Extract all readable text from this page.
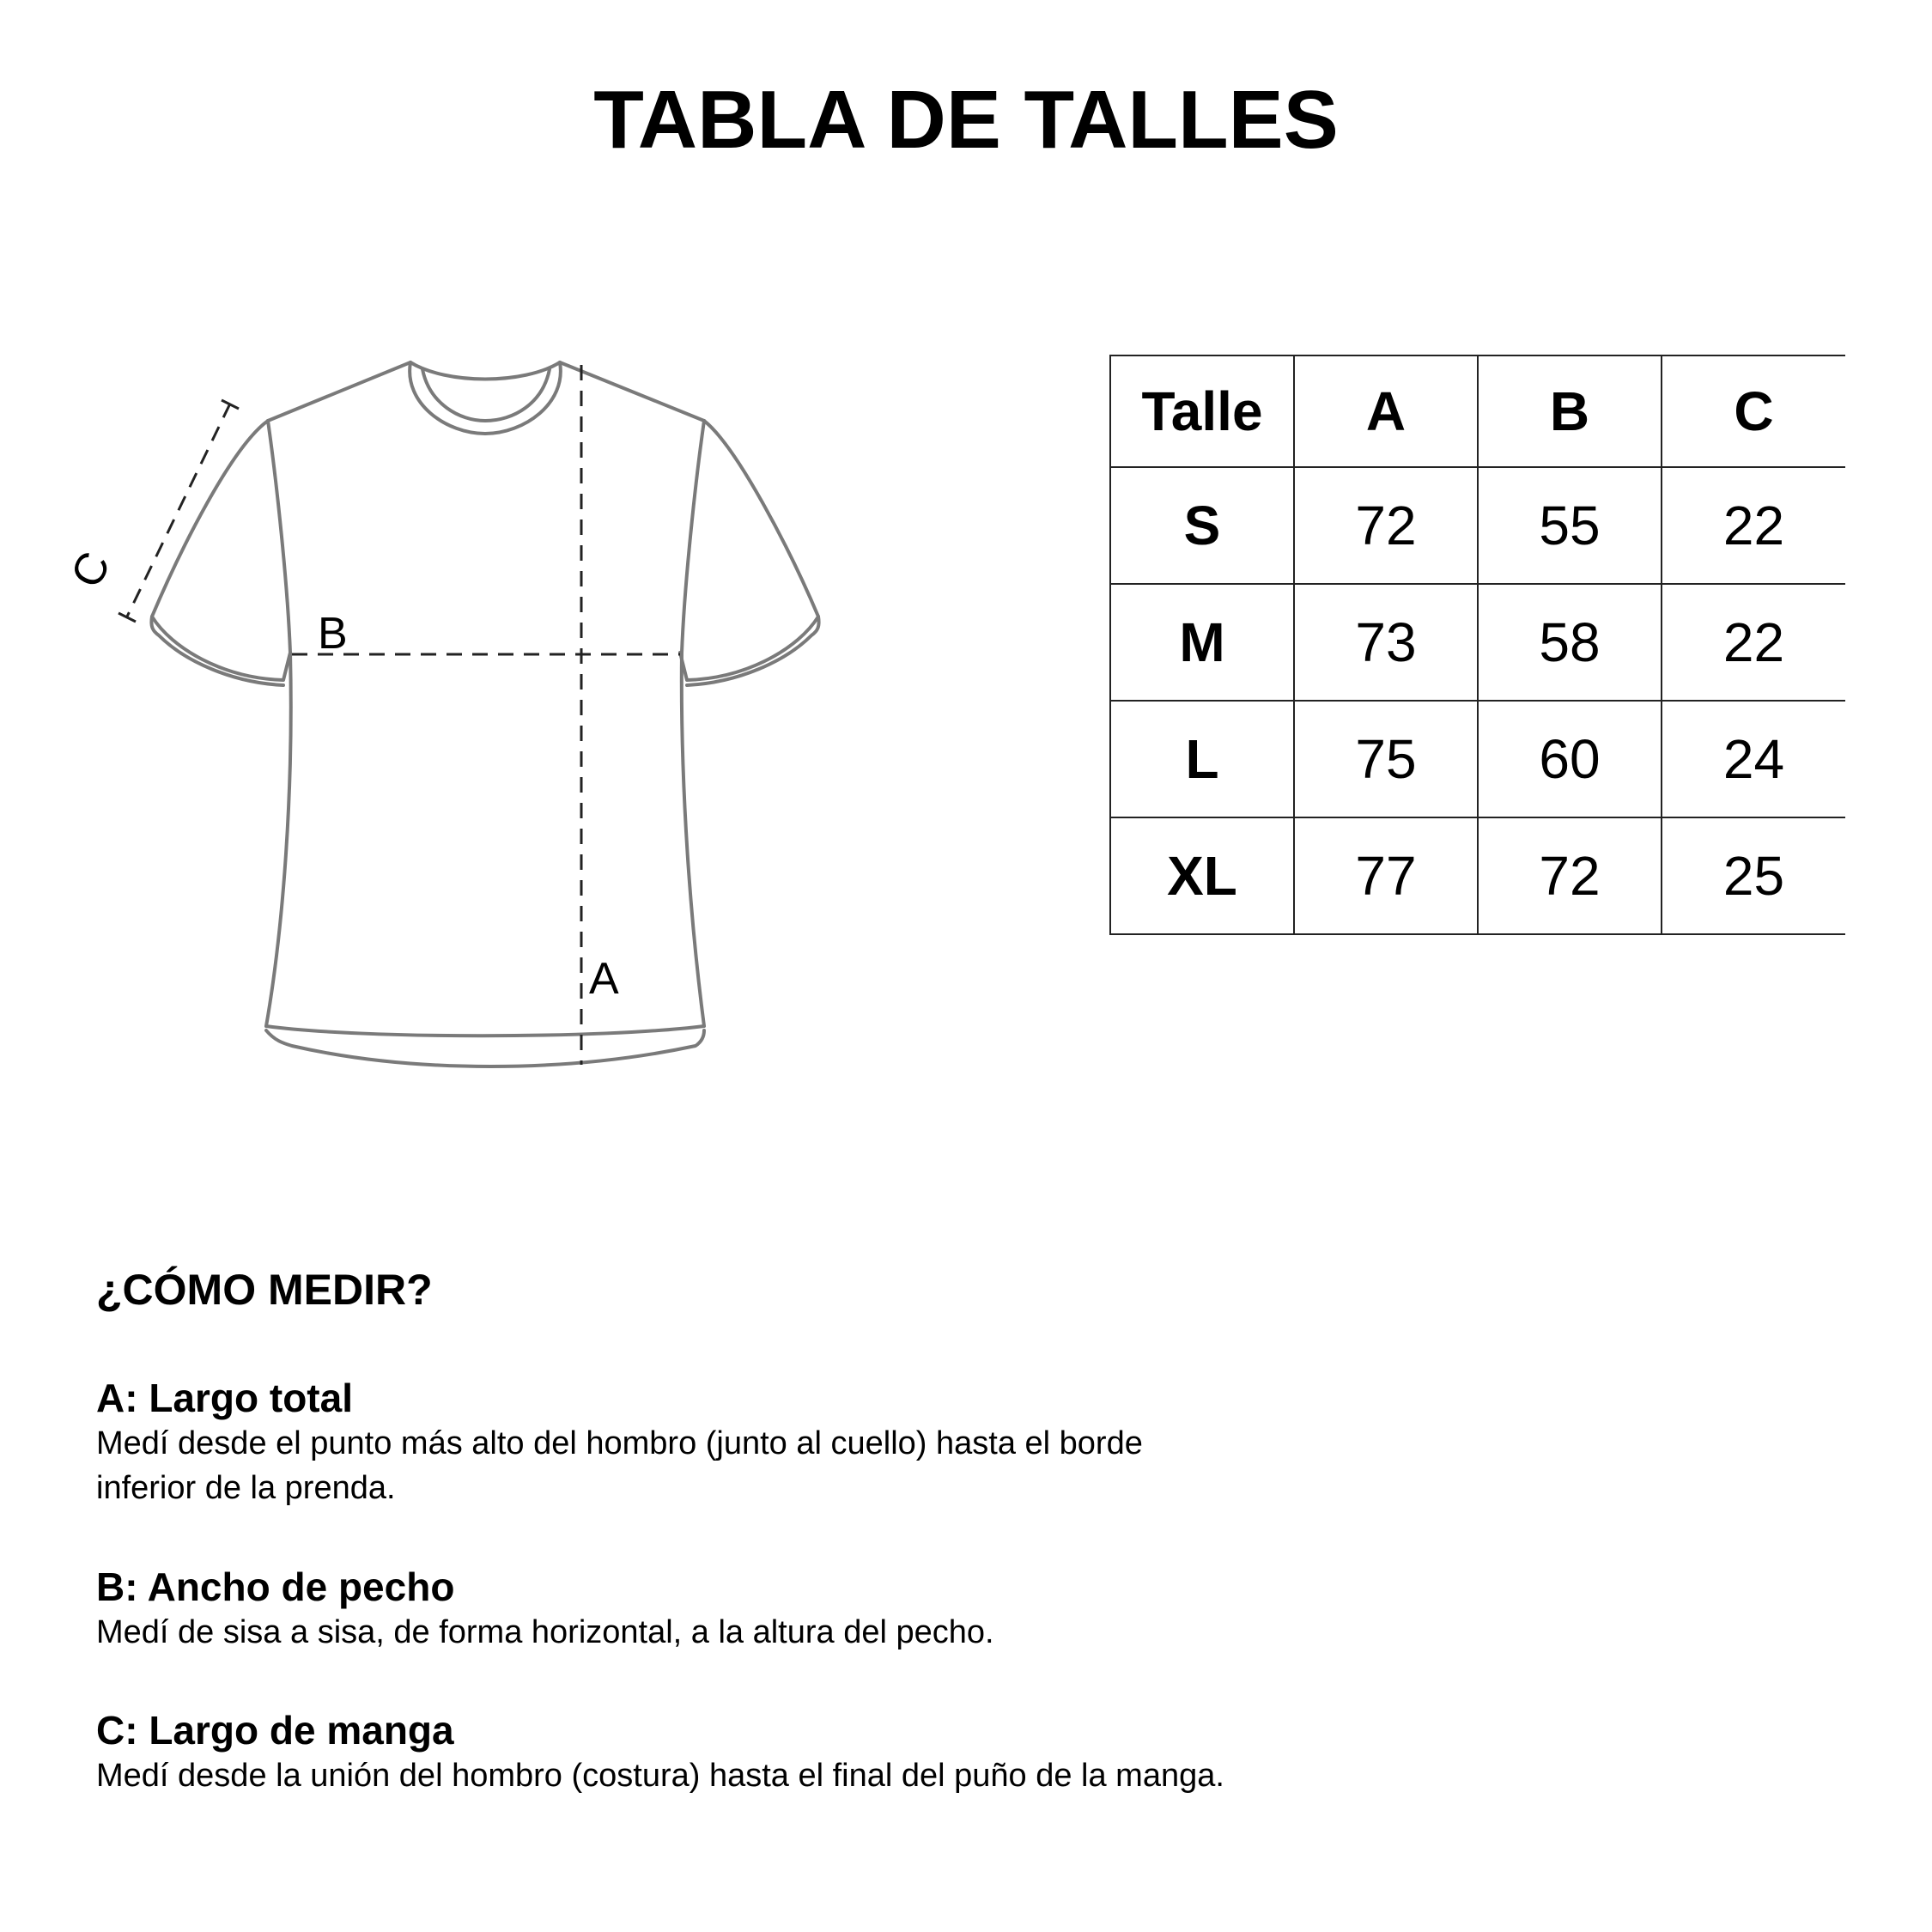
TABLA DE TALLES
A
B
C
Talle	A	B	C
S	72	55	22
M	73	58	22
L	75	60	24
XL	77	72	25
¿CÓMO MEDIR?
A: Largo total
Medí desde el punto más alto del hombro (junto al cuello) hasta el borde inferior de la prenda.
B: Ancho de pecho
Medí de sisa a sisa, de forma horizontal, a la altura del pecho.
C: Largo de manga
Medí desde la unión del hombro (costura) hasta el final del puño de la manga.
